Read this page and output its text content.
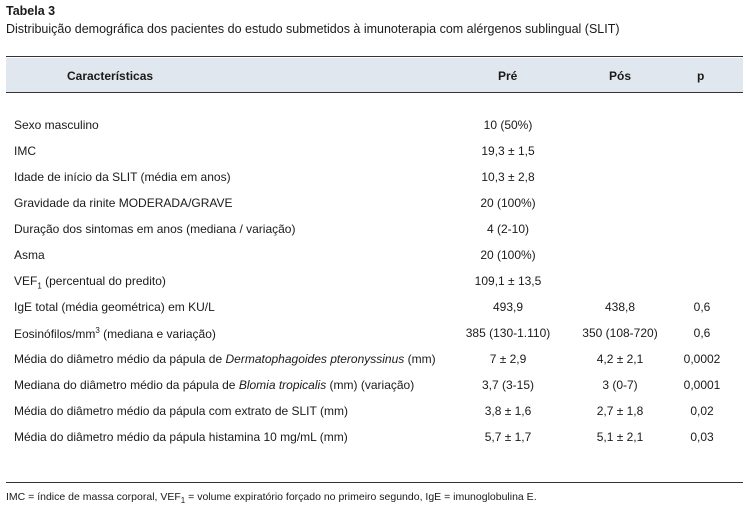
Tabela 3
Distribuição demográfica dos pacientes do estudo submetidos à imunoterapia com alérgenos sublingual (SLIT)
Características	Pré	Pós	p
Sexo masculino	10 (50%)
IMC	19,3 ± 1,5
Idade de início da SLIT (média em anos)	10,3 ± 2,8
Gravidade da rinite MODERADA/GRAVE	20 (100%)
Duração dos sintomas em anos (mediana / variação)	4 (2-10)
Asma	20 (100%)
$VEF_1$ (percentual do predito)	109,1 ± 13,5
IgE total (média geométrica) em KU/L	493,9	438,8	0,6
Eosinófilos/$mm^3$ (mediana e variação)	385 (130-1.110)	350 (108-720)	0,6
Média do diâmetro médio da pápula de Dermatophagoides pteronyssinus (mm)	7 ± 2,9	4,2 ± 2,1	0,0002
Mediana do diâmetro médio da pápula de Blomia tropicalis (mm) (variação)	3,7 (3-15)	3 (0-7)	0,0001
Média do diâmetro médio da pápula com extrato de SLIT (mm)	3,8 ± 1,6	2,7 ± 1,8	0,02
Média do diâmetro médio da pápula histamina 10 mg/mL (mm)	5,7 ± 1,7	5,1 ± 2,1	0,03
IMC = índice de massa corporal, $VEF_1$ = volume expiratório forçado no primeiro segundo, IgE = imunoglobulina E.
